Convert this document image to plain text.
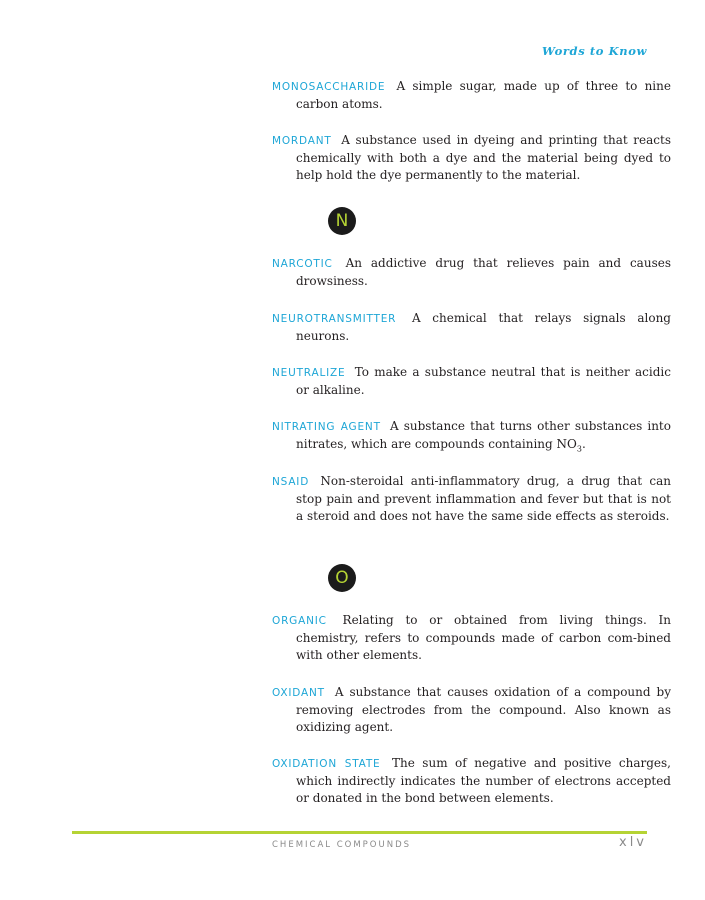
Words to Know
MONOSACCHARIDE A simple sugar, made up of three to nine carbon atoms.
MORDANT A substance used in dyeing and printing that reacts chemically with both a dye and the material being dyed to help hold the dye permanently to the material.
N
NARCOTIC An addictive drug that relieves pain and causes drowsiness.
NEUROTRANSMITTER A chemical that relays signals along neurons.
NEUTRALIZE To make a substance neutral that is neither acidic or alkaline.
NITRATING AGENT A substance that turns other substances into nitrates, which are compounds containing $NO_3$.
NSAID Non-steroidal anti-inflammatory drug, a drug that can stop pain and prevent inflammation and fever but that is not a steroid and does not have the same side effects as steroids.
O
ORGANIC Relating to or obtained from living things. In chemistry, refers to compounds made of carbon com-bined with other elements.
OXIDANT A substance that causes oxidation of a compound by removing electrodes from the compound. Also known as oxidizing agent.
OXIDATION STATE The sum of negative and positive charges, which indirectly indicates the number of electrons accepted or donated in the bond between elements.
CHEMICAL COMPOUNDS	xlv
